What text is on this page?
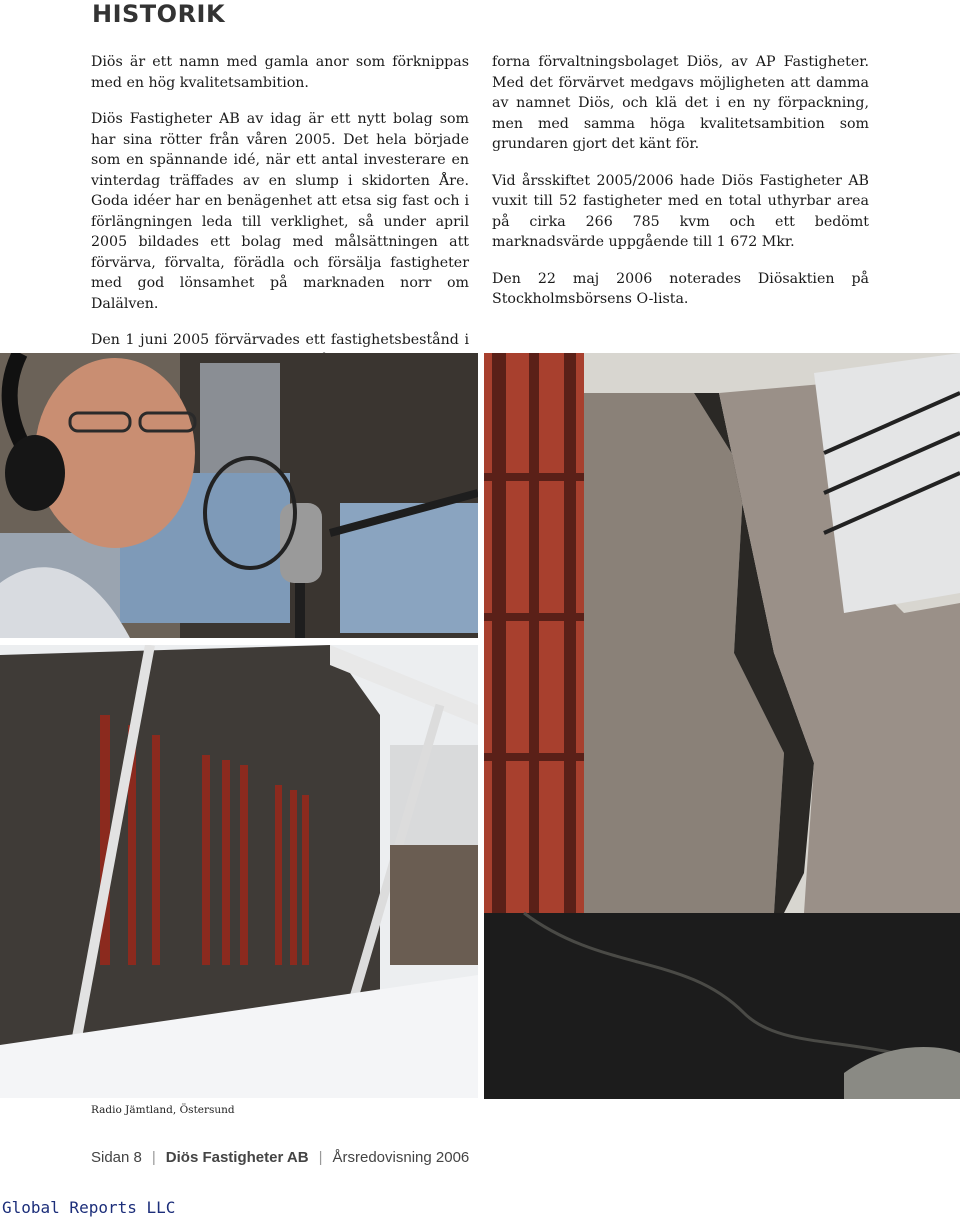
HISTORIK

Diös är ett namn med gamla anor som förknippas med en hög kvalitetsambition.

Diös Fastigheter AB av idag är ett nytt bolag som har sina rötter från våren 2005. Det hela började som en spännande idé, när ett antal investerare en vinterdag träffades av en slump i skidorten Åre. Goda idéer har en benägenhet att etsa sig fast och i förlängningen leda till verklighet, så under april 2005 bildades ett bolag med målsättningen att förvärva, förvalta, förädla och försälja fastigheter med god lönsamhet på marknaden norr om Dalälven.

Den 1 juni 2005 förvärvades ett fastighetsbestånd i

forna förvaltningsbolaget Diös, av AP Fastigheter. Med det förvärvet medgavs möjligheten att damma av namnet Diös, och klä det i en ny förpackning, men med samma höga kvalitetsambition som grundaren gjort det känt för.

Vid årsskiftet 2005/2006 hade Diös Fastigheter AB vuxit till 52 fastigheter med en total uthyrbar area på cirka 266 785 kvm och ett bedömt marknadsvärde uppgående till 1 672 Mkr.

Den 22 maj 2006 noterades Diösaktien på Stockholmsbörsens O-lista.

Radio Jämtland, Östersund
Sidan 8 | Diös Fastigheter AB | Årsredovisning 2006
Global Reports LLC
